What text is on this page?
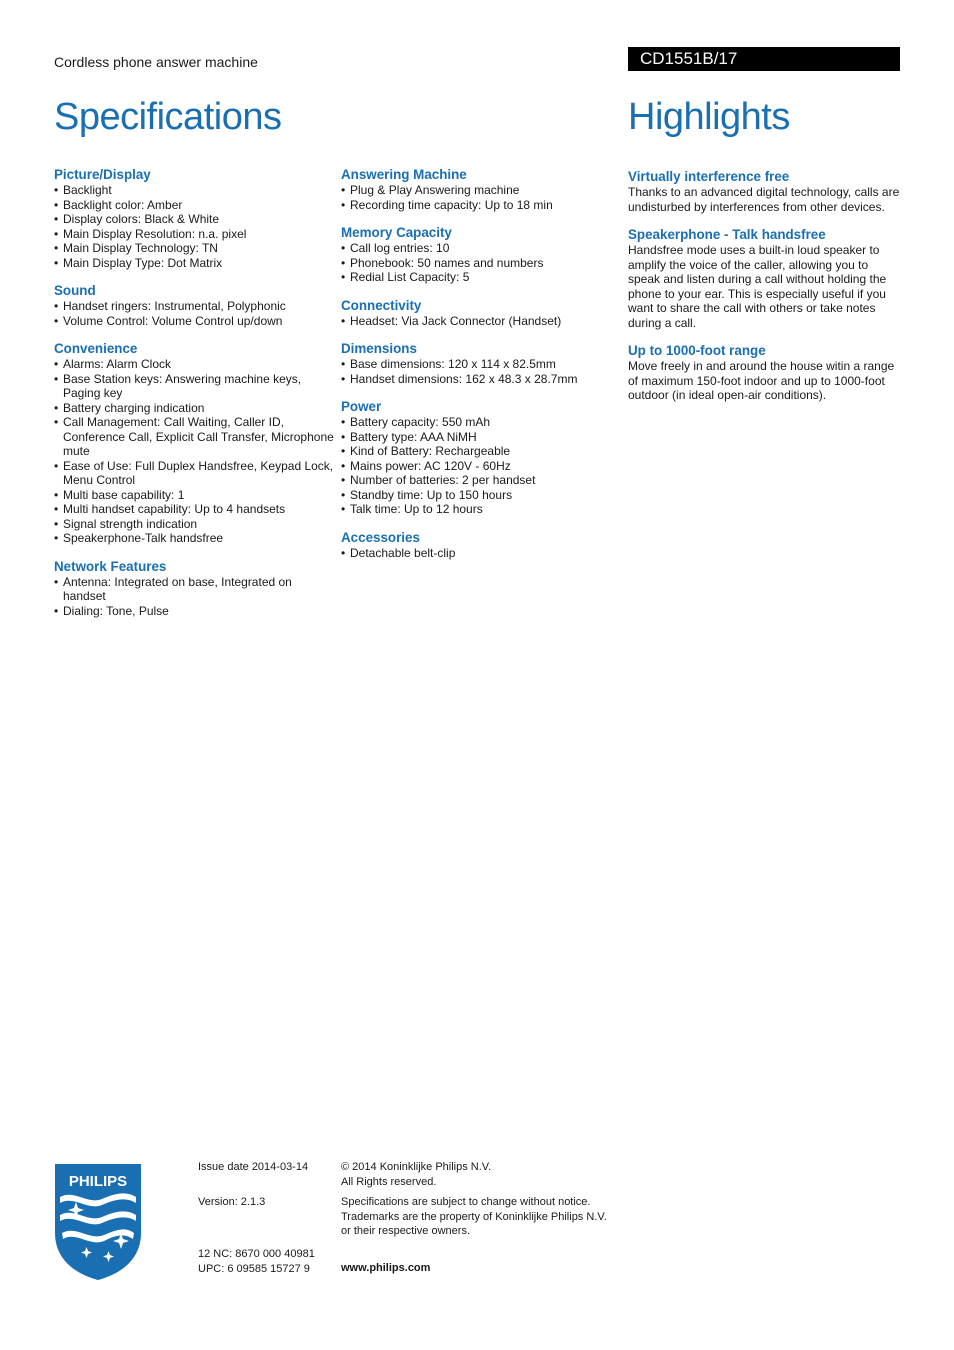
Cordless phone answer machine	CD1551B/17
Specifications	Highlights
Picture/Display
• Backlight
• Backlight color: Amber
• Display colors: Black & White
• Main Display Resolution: n.a. pixel
• Main Display Technology: TN
• Main Display Type: Dot Matrix
Sound
• Handset ringers: Instrumental, Polyphonic
• Volume Control: Volume Control up/down
Convenience
• Alarms: Alarm Clock
• Base Station keys: Answering machine keys, Paging key
• Battery charging indication
• Call Management: Call Waiting, Caller ID, Conference Call, Explicit Call Transfer, Microphone mute
• Ease of Use: Full Duplex Handsfree, Keypad Lock, Menu Control
• Multi base capability: 1
• Multi handset capability: Up to 4 handsets
• Signal strength indication
• Speakerphone-Talk handsfree
Network Features
• Antenna: Integrated on base, Integrated on handset
• Dialing: Tone, Pulse
Answering Machine
• Plug & Play Answering machine
• Recording time capacity: Up to 18 min
Memory Capacity
• Call log entries: 10
• Phonebook: 50 names and numbers
• Redial List Capacity: 5
Connectivity
• Headset: Via Jack Connector (Handset)
Dimensions
• Base dimensions: 120 x 114 x 82.5mm
• Handset dimensions: 162 x 48.3 x 28.7mm
Power
• Battery capacity: 550 mAh
• Battery type: AAA NiMH
• Kind of Battery: Rechargeable
• Mains power: AC 120V - 60Hz
• Number of batteries: 2 per handset
• Standby time: Up to 150 hours
• Talk time: Up to 12 hours
Accessories
• Detachable belt-clip
Virtually interference free

Thanks to an advanced digital technology, calls are undisturbed by interferences from other devices.

Speakerphone - Talk handsfree

Handsfree mode uses a built-in loud speaker to amplify the voice of the caller, allowing you to speak and listen during a call without holding the phone to your ear. This is especially useful if you want to share the call with others or take notes during a call.

Up to 1000-foot range

Move freely in and around the house witin a range of maximum 150-foot indoor and up to 1000-foot outdoor (in ideal open-air conditions).

PHILIPS
Issue date 2014-03-14
Version: 2.1.3
12 NC: 8670 000 40981
UPC: 6 09585 15727 9
© 2014 Koninklijke Philips N.V.
All Rights reserved.
Specifications are subject to change without notice.
Trademarks are the property of Koninklijke Philips N.V.
or their respective owners.
www.philips.com
